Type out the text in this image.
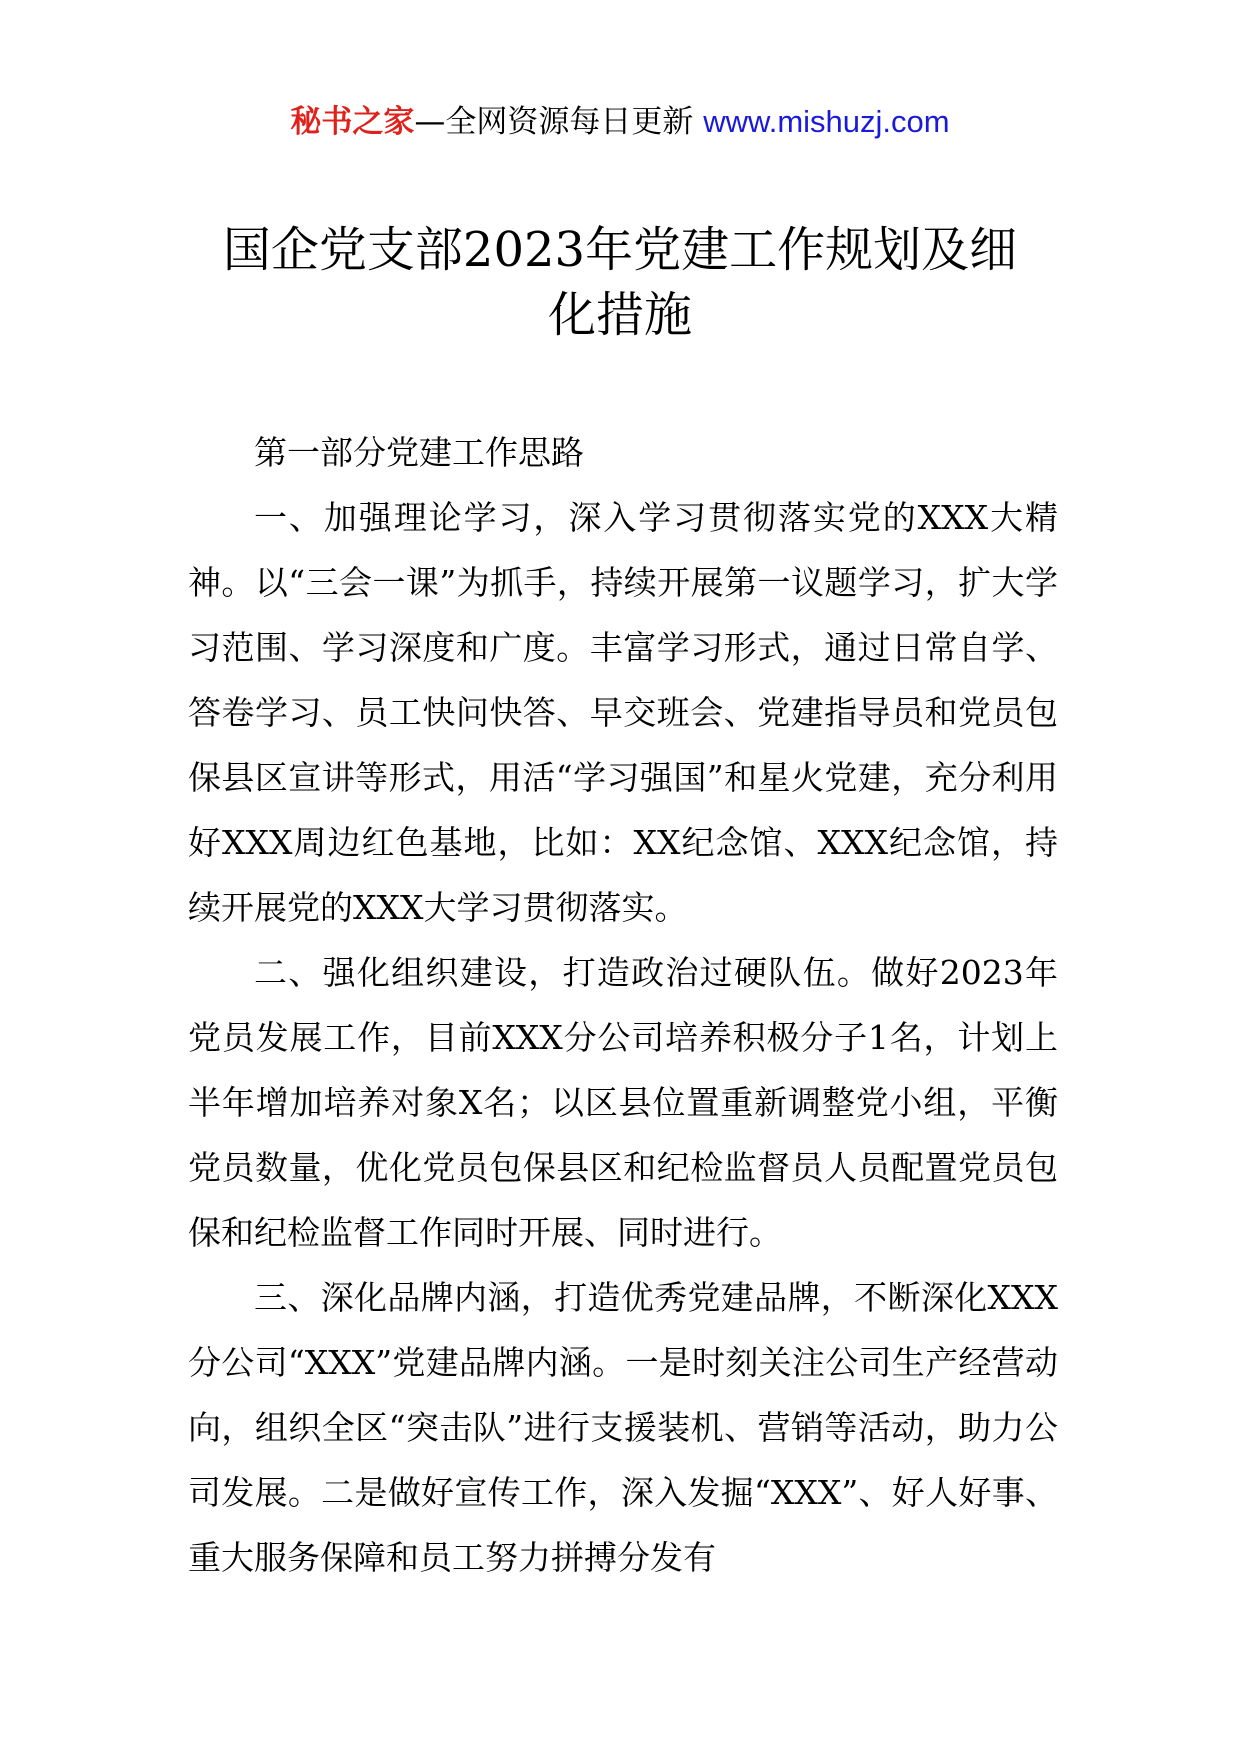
秘书之家—全网资源每日更新 www.mishuzj.com
国企党支部2023年党建工作规划及细化措施

第一部分党建工作思路

一、加强理论学习，深入学习贯彻落实党的XXX大精神。以“三会一课”为抓手，持续开展第一议题学习，扩大学习范围、学习深度和广度。丰富学习形式，通过日常自学、答卷学习、员工快问快答、早交班会、党建指导员和党员包保县区宣讲等形式，用活“学习强国”和星火党建，充分利用好XXX周边红色基地，比如：XX纪念馆、XXX纪念馆，持续开展党的XXX大学习贯彻落实。

二、强化组织建设，打造政治过硬队伍。做好2023年党员发展工作，目前XXX分公司培养积极分子1名，计划上半年增加培养对象X名；以区县位置重新调整党小组，平衡党员数量，优化党员包保县区和纪检监督员人员配置党员包保和纪检监督工作同时开展、同时进行。

三、深化品牌内涵，打造优秀党建品牌，不断深化XXX分公司“XXX”党建品牌内涵。一是时刻关注公司生产经营动向，组织全区“突击队”进行支援装机、营销等活动，助力公司发展。二是做好宣传工作，深入发掘“XXX”、好人好事、重大服务保障和员工努力拼搏分发有
